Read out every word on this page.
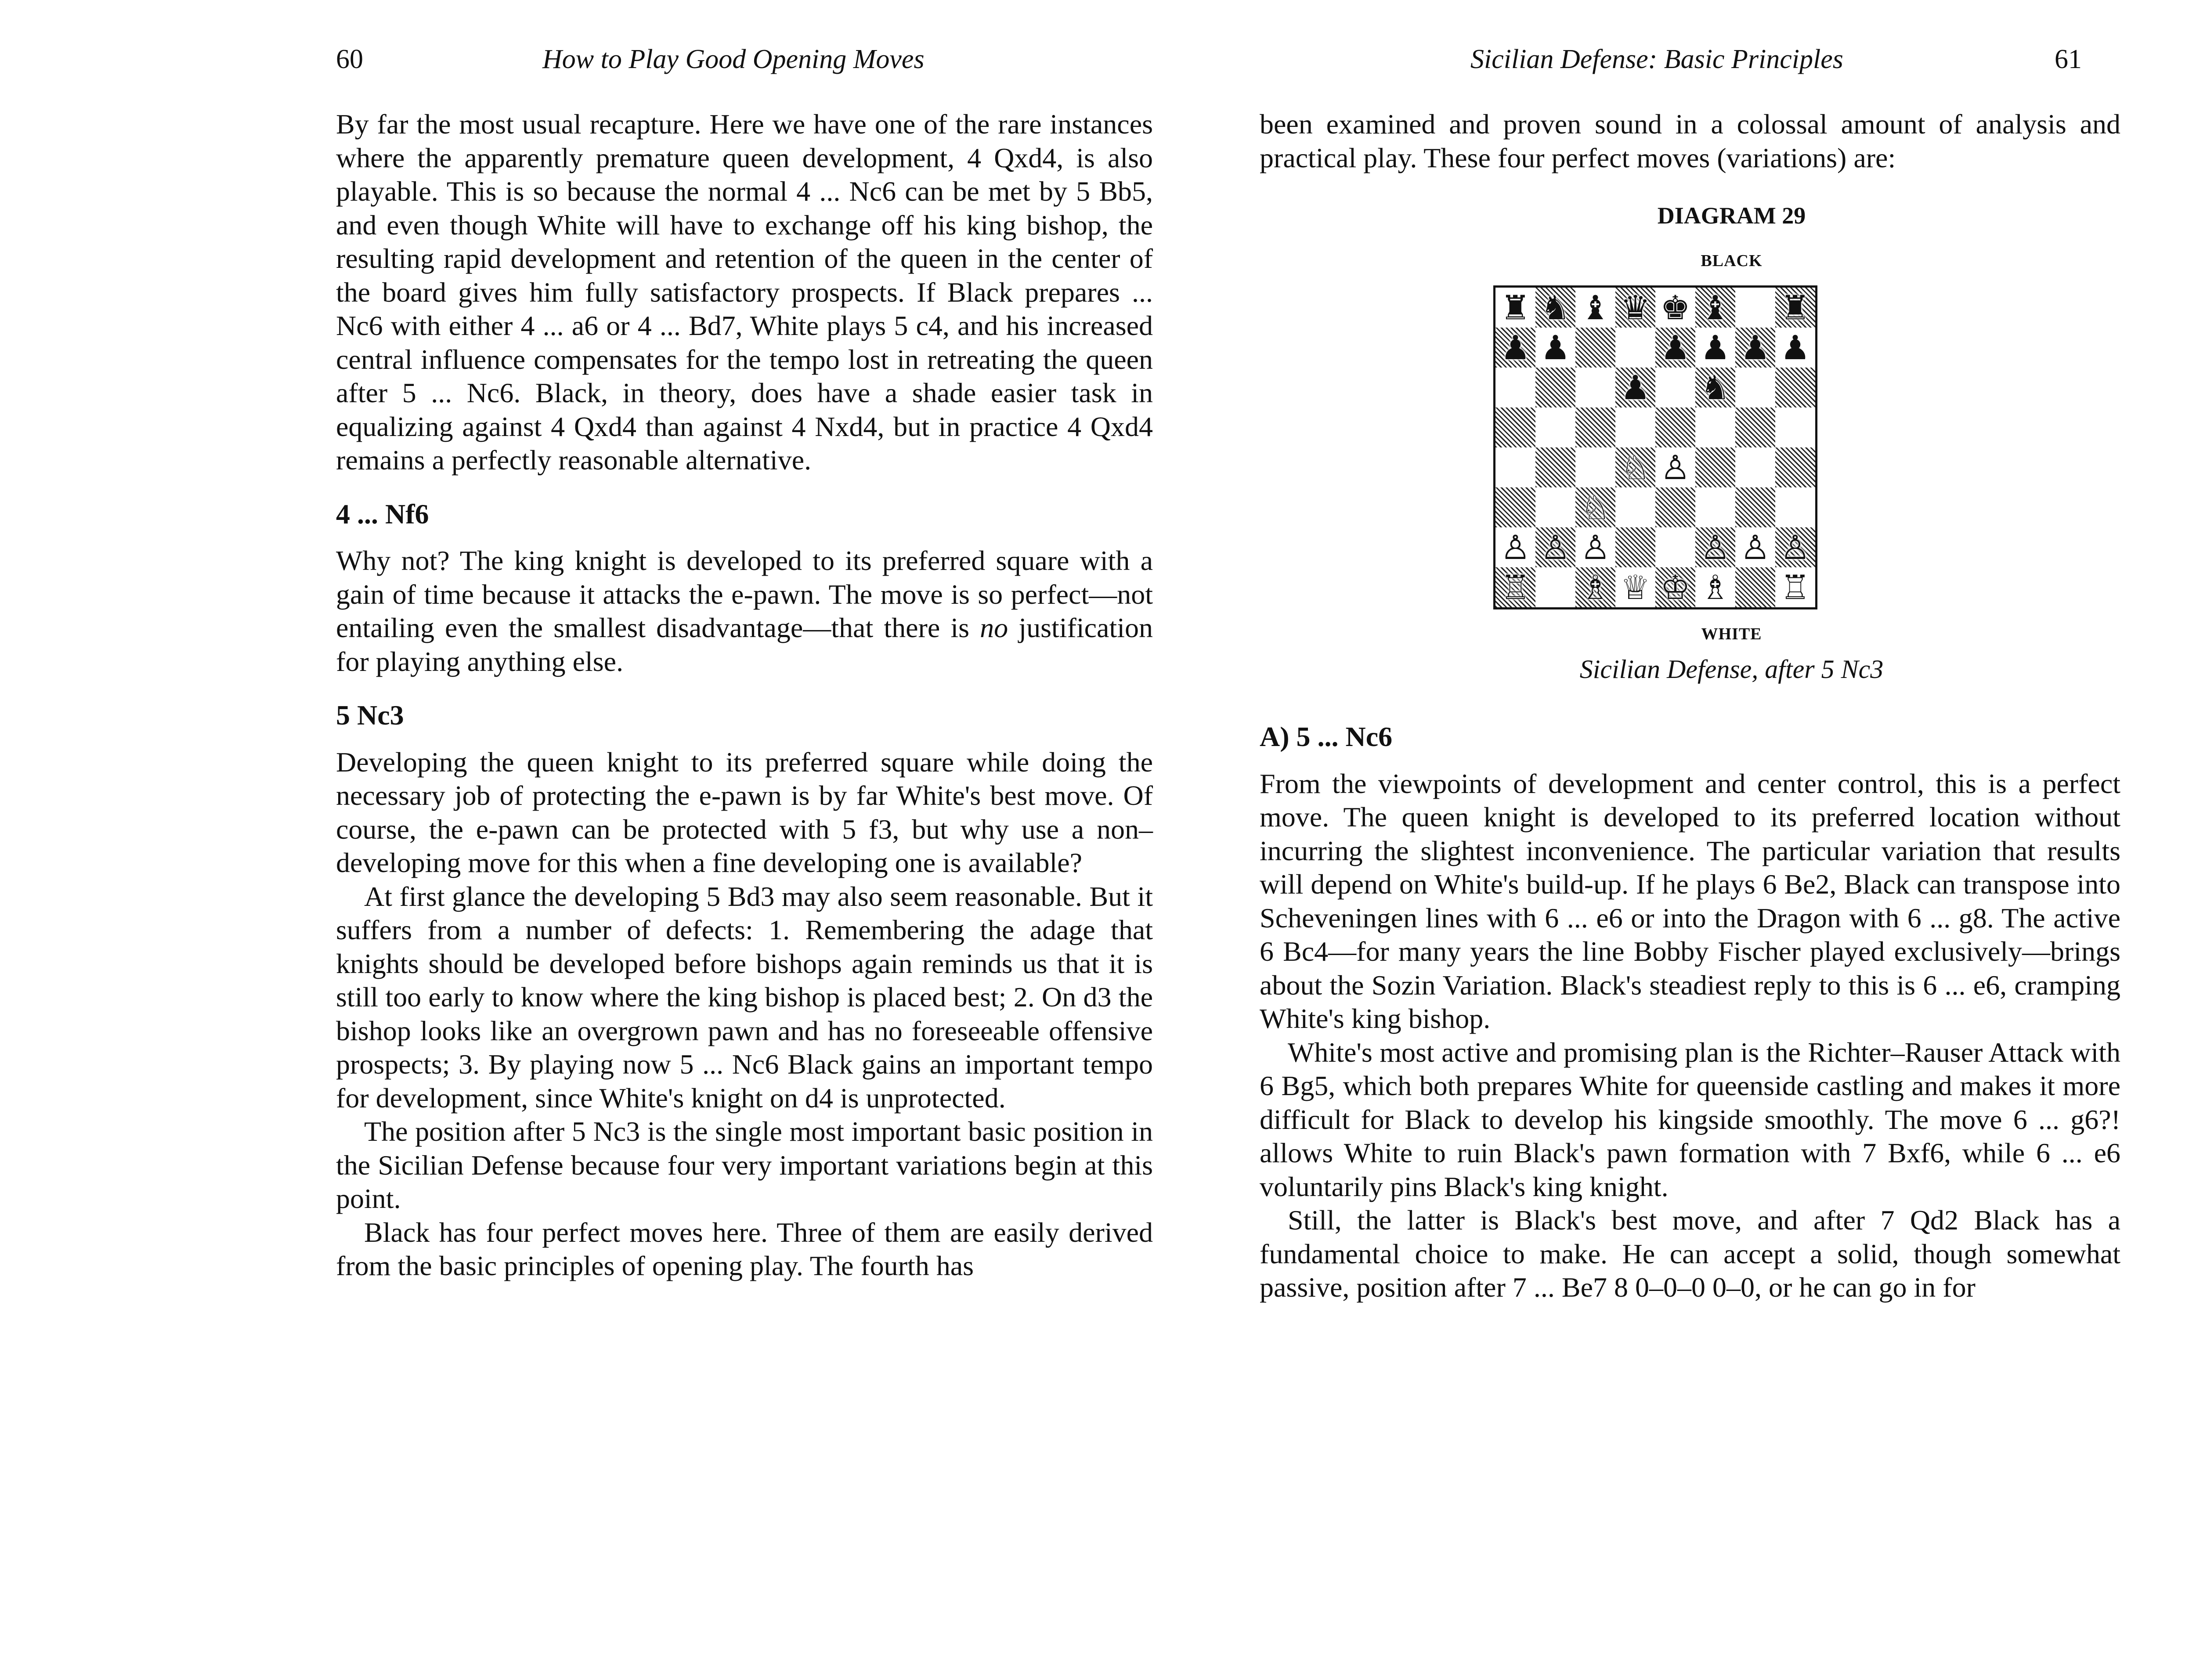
60	How to Play Good Opening Moves

By far the most usual recapture. Here we have one of the rare instances where the apparently premature queen development, 4 Qxd4, is also playable. This is so because the normal 4 ... Nc6 can be met by 5 Bb5, and even though White will have to exchange off his king bishop, the resulting rapid development and retention of the queen in the center of the board gives him fully satisfactory prospects. If Black prepares ... Nc6 with either 4 ... a6 or 4 ... Bd7, White plays 5 c4, and his increased central influence compensates for the tempo lost in retreating the queen after 5 ... Nc6. Black, in theory, does have a shade easier task in equalizing against 4 Qxd4 than against 4 Nxd4, but in practice 4 Qxd4 remains a perfectly reasonable alternative.

4 ... Nf6

Why not? The king knight is developed to its preferred square with a gain of time because it attacks the e-pawn. The move is so perfect—not entailing even the smallest disadvantage—that there is no justification for playing anything else.

5 Nc3

Developing the queen knight to its preferred square while doing the necessary job of protecting the e-pawn is by far White's best move. Of course, the e-pawn can be protected with 5 f3, but why use a non–developing move for this when a fine developing one is available?

At first glance the developing 5 Bd3 may also seem reasonable. But it suffers from a number of defects: 1. Remembering the adage that knights should be developed before bishops again reminds us that it is still too early to know where the king bishop is placed best; 2. On d3 the bishop looks like an overgrown pawn and has no foreseeable offensive prospects; 3. By playing now 5 ... Nc6 Black gains an important tempo for development, since White's knight on d4 is unprotected.

The position after 5 Nc3 is the single most important basic position in the Sicilian Defense because four very important variations begin at this point.

Black has four perfect moves here. Three of them are easily derived from the basic principles of opening play. The fourth has

Sicilian Defense: Basic Principles	61

been examined and proven sound in a colossal amount of analysis and practical play. These four perfect moves (variations) are:

DIAGRAM 29
BLACK
♜ ♞ ♝ ♛ ♚ ♝ ♜
♟ ♟	♟ ♟ ♟ ♟
♟ ♞
♘ ♙
♘
♙ ♙ ♙	♙ ♙ ♙
♖ ♗ ♕ ♔ ♗ ♖
WHITE
Sicilian Defense, after 5 Nc3

A) 5 ... Nc6

From the viewpoints of development and center control, this is a perfect move. The queen knight is developed to its preferred location without incurring the slightest inconvenience. The particular variation that results will depend on White's build-up. If he plays 6 Be2, Black can transpose into Scheveningen lines with 6 ... e6 or into the Dragon with 6 ... g8. The active 6 Bc4—for many years the line Bobby Fischer played exclusively—brings about the Sozin Variation. Black's steadiest reply to this is 6 ... e6, cramping White's king bishop.

White's most active and promising plan is the Richter–Rauser Attack with 6 Bg5, which both prepares White for queenside castling and makes it more difficult for Black to develop his kingside smoothly. The move 6 ... g6?! allows White to ruin Black's pawn formation with 7 Bxf6, while 6 ... e6 voluntarily pins Black's king knight.

Still, the latter is Black's best move, and after 7 Qd2 Black has a fundamental choice to make. He can accept a solid, though somewhat passive, position after 7 ... Be7 8 0–0–0 0–0, or he can go in for
